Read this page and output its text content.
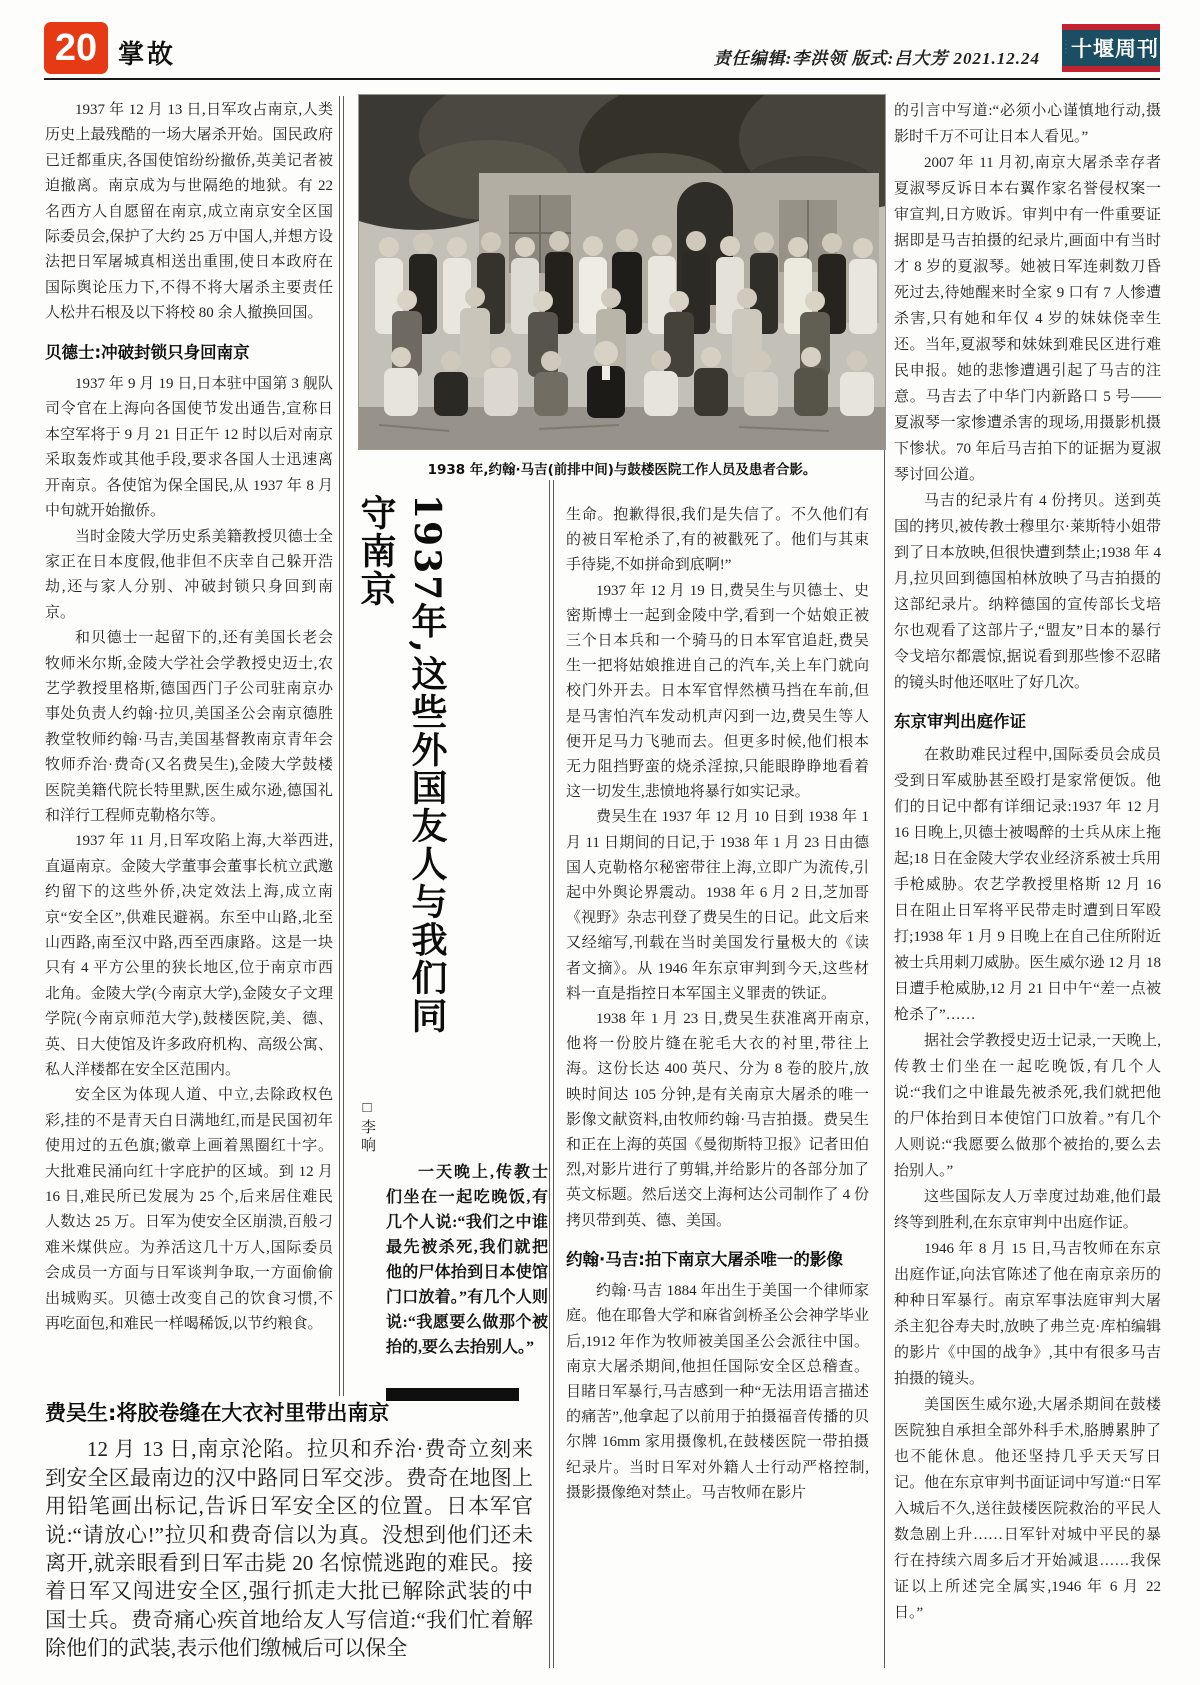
20 掌故	责任编辑:李洪领 版式:吕大芳 2021.12.24
·
·
·
· 十堰周刊
1938 年,约翰·马吉(前排中间)与鼓楼医院工作人员及患者合影。
1937年,这些外国友人与我们同守南京
□李响

一天晚上,传教士们坐在一起吃晚饭,有几个人说:“我们之中谁最先被杀死,我们就把他的尸体抬到日本使馆门口放着。”有几个人则说:“我愿要么做那个被抬的,要么去抬别人。”

1937 年 12 月 13 日,日军攻占南京,人类历史上最残酷的一场大屠杀开始。国民政府已迁都重庆,各国使馆纷纷撤侨,英美记者被迫撤离。南京成为与世隔绝的地狱。有 22 名西方人自愿留在南京,成立南京安全区国际委员会,保护了大约 25 万中国人,并想方设法把日军屠城真相送出重围,使日本政府在国际舆论压力下,不得不将大屠杀主要责任人松井石根及以下将校 80 余人撤换回国。

贝德士:冲破封锁只身回南京

1937 年 9 月 19 日,日本驻中国第 3 舰队司令官在上海向各国使节发出通告,宣称日本空军将于 9 月 21 日正午 12 时以后对南京采取轰炸或其他手段,要求各国人士迅速离开南京。各使馆为保全国民,从 1937 年 8 月中旬就开始撤侨。

当时金陵大学历史系美籍教授贝德士全家正在日本度假,他非但不庆幸自己躲开浩劫,还与家人分别、冲破封锁只身回到南京。

和贝德士一起留下的,还有美国长老会牧师米尔斯,金陵大学社会学教授史迈士,农艺学教授里格斯,德国西门子公司驻南京办事处负责人约翰·拉贝,美国圣公会南京德胜教堂牧师约翰·马吉,美国基督教南京青年会牧师乔治·费奇(又名费吴生),金陵大学鼓楼医院美籍代院长特里默,医生威尔逊,德国礼和洋行工程师克勒格尔等。

1937 年 11 月,日军攻陷上海,大举西进,直逼南京。金陵大学董事会董事长杭立武邀约留下的这些外侨,决定效法上海,成立南京“安全区”,供难民避祸。东至中山路,北至山西路,南至汉中路,西至西康路。这是一块只有 4 平方公里的狭长地区,位于南京市西北角。金陵大学(今南京大学),金陵女子文理学院(今南京师范大学),鼓楼医院,美、德、英、日大使馆及许多政府机构、高级公寓、私人洋楼都在安全区范围内。

安全区为体现人道、中立,去除政权色彩,挂的不是青天白日满地红,而是民国初年使用过的五色旗;徽章上画着黑圈红十字。大批难民涌向红十字庇护的区域。到 12 月 16 日,难民所已发展为 25 个,后来居住难民人数达 25 万。日军为使安全区崩溃,百般刁难米煤供应。为养活这几十万人,国际委员会成员一方面与日军谈判争取,一方面偷偷出城购买。贝德士改变自己的饮食习惯,不再吃面包,和难民一样喝稀饭,以节约粮食。

费吴生:将胶卷缝在大衣衬里带出南京

12 月 13 日,南京沦陷。拉贝和乔治·费奇立刻来到安全区最南边的汉中路同日军交涉。费奇在地图上用铅笔画出标记,告诉日军安全区的位置。日本军官说:“请放心!”拉贝和费奇信以为真。没想到他们还未离开,就亲眼看到日军击毙 20 名惊慌逃跑的难民。接着日军又闯进安全区,强行抓走大批已解除武装的中国士兵。费奇痛心疾首地给友人写信道:“我们忙着解除他们的武装,表示他们缴械后可以保全

生命。抱歉得很,我们是失信了。不久他们有的被日军枪杀了,有的被戳死了。他们与其束手待毙,不如拼命到底啊!”

1937 年 12 月 19 日,费吴生与贝德士、史密斯博士一起到金陵中学,看到一个姑娘正被三个日本兵和一个骑马的日本军官追赶,费吴生一把将姑娘推进自己的汽车,关上车门就向校门外开去。日本军官悍然横马挡在车前,但是马害怕汽车发动机声闪到一边,费吴生等人便开足马力飞驰而去。但更多时候,他们根本无力阻挡野蛮的烧杀淫掠,只能眼睁睁地看着这一切发生,悲愤地将暴行如实记录。

费吴生在 1937 年 12 月 10 日到 1938 年 1 月 11 日期间的日记,于 1938 年 1 月 23 日由德国人克勒格尔秘密带往上海,立即广为流传,引起中外舆论界震动。1938 年 6 月 2 日,芝加哥《视野》杂志刊登了费吴生的日记。此文后来又经缩写,刊载在当时美国发行量极大的《读者文摘》。从 1946 年东京审判到今天,这些材料一直是指控日本军国主义罪责的铁证。

1938 年 1 月 23 日,费吴生获准离开南京,他将一份胶片缝在驼毛大衣的衬里,带往上海。这份长达 400 英尺、分为 8 卷的胶片,放映时间达 105 分钟,是有关南京大屠杀的唯一影像文献资料,由牧师约翰·马吉拍摄。费吴生和正在上海的英国《曼彻斯特卫报》记者田伯烈,对影片进行了剪辑,并给影片的各部分加了英文标题。然后送交上海柯达公司制作了 4 份拷贝带到英、德、美国。

约翰·马吉:拍下南京大屠杀唯一的影像

约翰·马吉 1884 年出生于美国一个律师家庭。他在耶鲁大学和麻省剑桥圣公会神学毕业后,1912 年作为牧师被美国圣公会派往中国。南京大屠杀期间,他担任国际安全区总稽查。目睹日军暴行,马吉感到一种“无法用语言描述的痛苦”,他拿起了以前用于拍摄福音传播的贝尔牌 16mm 家用摄像机,在鼓楼医院一带拍摄纪录片。当时日军对外籍人士行动严格控制,摄影摄像绝对禁止。马吉牧师在影片

的引言中写道:“必须小心谨慎地行动,摄影时千万不可让日本人看见。”

2007 年 11 月初,南京大屠杀幸存者夏淑琴反诉日本右翼作家名誉侵权案一审宣判,日方败诉。审判中有一件重要证据即是马吉拍摄的纪录片,画面中有当时才 8 岁的夏淑琴。她被日军连刺数刀昏死过去,待她醒来时全家 9 口有 7 人惨遭杀害,只有她和年仅 4 岁的妹妹侥幸生还。当年,夏淑琴和妹妹到难民区进行难民申报。她的悲惨遭遇引起了马吉的注意。马吉去了中华门内新路口 5 号——夏淑琴一家惨遭杀害的现场,用摄影机摄下惨状。70 年后马吉拍下的证据为夏淑琴讨回公道。

马吉的纪录片有 4 份拷贝。送到英国的拷贝,被传教士穆里尔·莱斯特小姐带到了日本放映,但很快遭到禁止;1938 年 4 月,拉贝回到德国柏林放映了马吉拍摄的这部纪录片。纳粹德国的宣传部长戈培尔也观看了这部片子,“盟友”日本的暴行令戈培尔都震惊,据说看到那些惨不忍睹的镜头时他还呕吐了好几次。

东京审判出庭作证

在救助难民过程中,国际委员会成员受到日军威胁甚至殴打是家常便饭。他们的日记中都有详细记录:1937 年 12 月 16 日晚上,贝德士被喝醉的士兵从床上拖起;18 日在金陵大学农业经济系被士兵用手枪威胁。农艺学教授里格斯 12 月 16 日在阻止日军将平民带走时遭到日军殴打;1938 年 1 月 9 日晚上在自己住所附近被士兵用刺刀威胁。医生威尔逊 12 月 18 日遭手枪威胁,12 月 21 日中午“差一点被枪杀了”……

据社会学教授史迈士记录,一天晚上,传教士们坐在一起吃晚饭,有几个人说:“我们之中谁最先被杀死,我们就把他的尸体抬到日本使馆门口放着。”有几个人则说:“我愿要么做那个被抬的,要么去抬别人。”

这些国际友人万幸度过劫难,他们最终等到胜利,在东京审判中出庭作证。

1946 年 8 月 15 日,马吉牧师在东京出庭作证,向法官陈述了他在南京亲历的种种日军暴行。南京军事法庭审判大屠杀主犯谷寿夫时,放映了弗兰克·库柏编辑的影片《中国的战争》,其中有很多马吉拍摄的镜头。

美国医生威尔逊,大屠杀期间在鼓楼医院独自承担全部外科手术,胳膊累肿了也不能休息。他还坚持几乎天天写日记。他在东京审判书面证词中写道:“日军入城后不久,送往鼓楼医院救治的平民人数急剧上升……日军针对城中平民的暴行在持续六周多后才开始减退……我保证以上所述完全属实,1946 年 6 月 22 日。”
